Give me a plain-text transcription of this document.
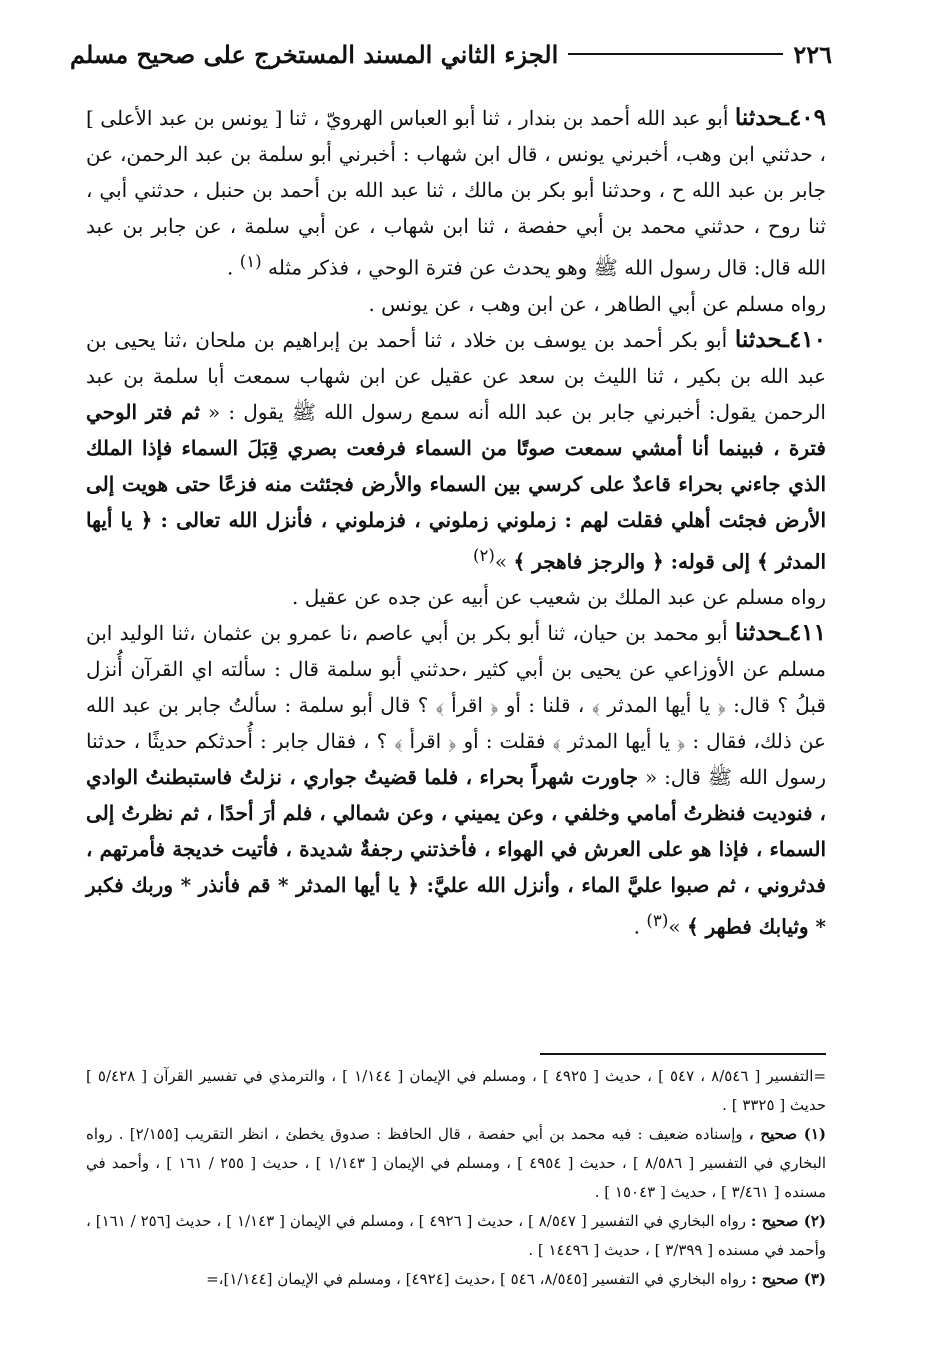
٢٢٦
الجزء الثاني المسند المستخرج على صحيح مسلم

٤٠٩ـحدثنا أبو عبد الله أحمد بن بندار ، ثنا أبو العباس الهرويّ ، ثنا [ يونس بن عبد الأعلى ] ، حدثني ابن وهب، أخبرني يونس ، قال ابن شهاب : أخبرني أبو سلمة بن عبد الرحمن، عن جابر بن عبد الله ح ، وحدثنا أبو بكر بن مالك ، ثنا عبد الله بن أحمد بن حنبل ، حدثني أبي ، ثنا روح ، حدثني محمد بن أبي حفصة ، ثنا ابن شهاب ، عن أبي سلمة ، عن جابر بن عبد الله قال: قال رسول الله ﷺ وهو يحدث عن فترة الوحي ، فذكر مثله $^{(١)}$ .

رواه مسلم عن أبي الطاهر ، عن ابن وهب ، عن يونس .

٤١٠ـحدثنا أبو بكر أحمد بن يوسف بن خلاد ، ثنا أحمد بن إبراهيم بن ملحان ،ثنا يحيى بن عبد الله بن بكير ، ثنا الليث بن سعد عن عقيل عن ابن شهاب سمعت أبا سلمة بن عبد الرحمن يقول: أخبرني جابر بن عبد الله أنه سمع رسول الله ﷺ يقول : « ثم فتر الوحي فترة ، فبينما أنا أمشي سمعت صوتًا من السماء فرفعت بصري قِبَلَ السماء فإذا الملك الذي جاءني بحراء قاعدٌ على كرسي بين السماء والأرض فجئثت منه فزعًا حتى هويت إلى الأرض فجئت أهلي فقلت لهم : زملوني زملوني ، فزملوني ، فأنزل الله تعالى : ﴿ يا أيها المدثر ﴾ إلى قوله: ﴿ والرجز فاهجر ﴾ »$^{(٢)}$

رواه مسلم عن عبد الملك بن شعيب عن أبيه عن جده عن عقيل .

٤١١ـحدثنا أبو محمد بن حيان، ثنا أبو بكر بن أبي عاصم ،نا عمرو بن عثمان ،ثنا الوليد ابن مسلم عن الأوزاعي عن يحيى بن أبي كثير ،حدثني أبو سلمة قال : سألته اي القرآن أُنزل قبلُ ؟ قال: ﴿ يا أيها المدثر ﴾ ، قلنا : أو ﴿ اقرأ ﴾ ؟ قال أبو سلمة : سألتُ جابر بن عبد الله عن ذلك، فقال : ﴿ يا أيها المدثر ﴾ فقلت : أو ﴿ اقرأ ﴾ ؟ ، فقال جابر : أُحدثكم حديثًا ، حدثنا رسول الله ﷺ قال: « جاورت شهراً بحراء ، فلما قضيتُ جواري ، نزلتُ فاستبطنتُ الوادي ، فنوديت فنظرتُ أمامي وخلفي ، وعن يميني ، وعن شمالي ، فلم أرَ أحدًا ، ثم نظرتُ إلى السماء ، فإذا هو على العرش في الهواء ، فأخذتني رجفةٌ شديدة ، فأتيت خديجة فأمرتهم ، فدثروني ، ثم صبوا عليَّ الماء ، وأنزل الله عليَّ: ﴿ يا أيها المدثر * قم فأنذر * وربك فكبر * وثيابك فطهر ﴾ »$^{(٣)}$ .

=التفسير [ ٨/٥٤٦ ، ٥٤٧ ] ، حديث [ ٤٩٢٥ ] ، ومسلم في الإيمان [ ١/١٤٤ ] ، والترمذي في تفسير القرآن [ ٥/٤٢٨ ] حديث [ ٣٣٢٥ ] .

(١) صحيح ، وإسناده ضعيف : فيه محمد بن أبي حفصة ، قال الحافظ : صدوق يخطئ ، انظر التقريب [٢/١٥٥] . رواه البخاري في التفسير [ ٨/٥٨٦ ] ، حديث [ ٤٩٥٤ ] ، ومسلم في الإيمان [ ١/١٤٣ ] ، حديث [ ٢٥٥ / ١٦١ ] ، وأحمد في مسنده [ ٣/٤٦١ ] ، حديث [ ١٥٠٤٣ ] .

(٢) صحيح : رواه البخاري في التفسير [ ٨/٥٤٧ ] ، حديث [ ٤٩٢٦ ] ، ومسلم في الإيمان [ ١/١٤٣ ] ، حديث [٢٥٦ / ١٦١] ، وأحمد في مسنده [ ٣/٣٩٩ ] ، حديث [ ١٤٤٩٦ ] .

(٣) صحيح : رواه البخاري في التفسير [٨/٥٤٥، ٥٤٦ ] ،حديث [٤٩٢٤] ، ومسلم في الإيمان [١/١٤٤]،=
